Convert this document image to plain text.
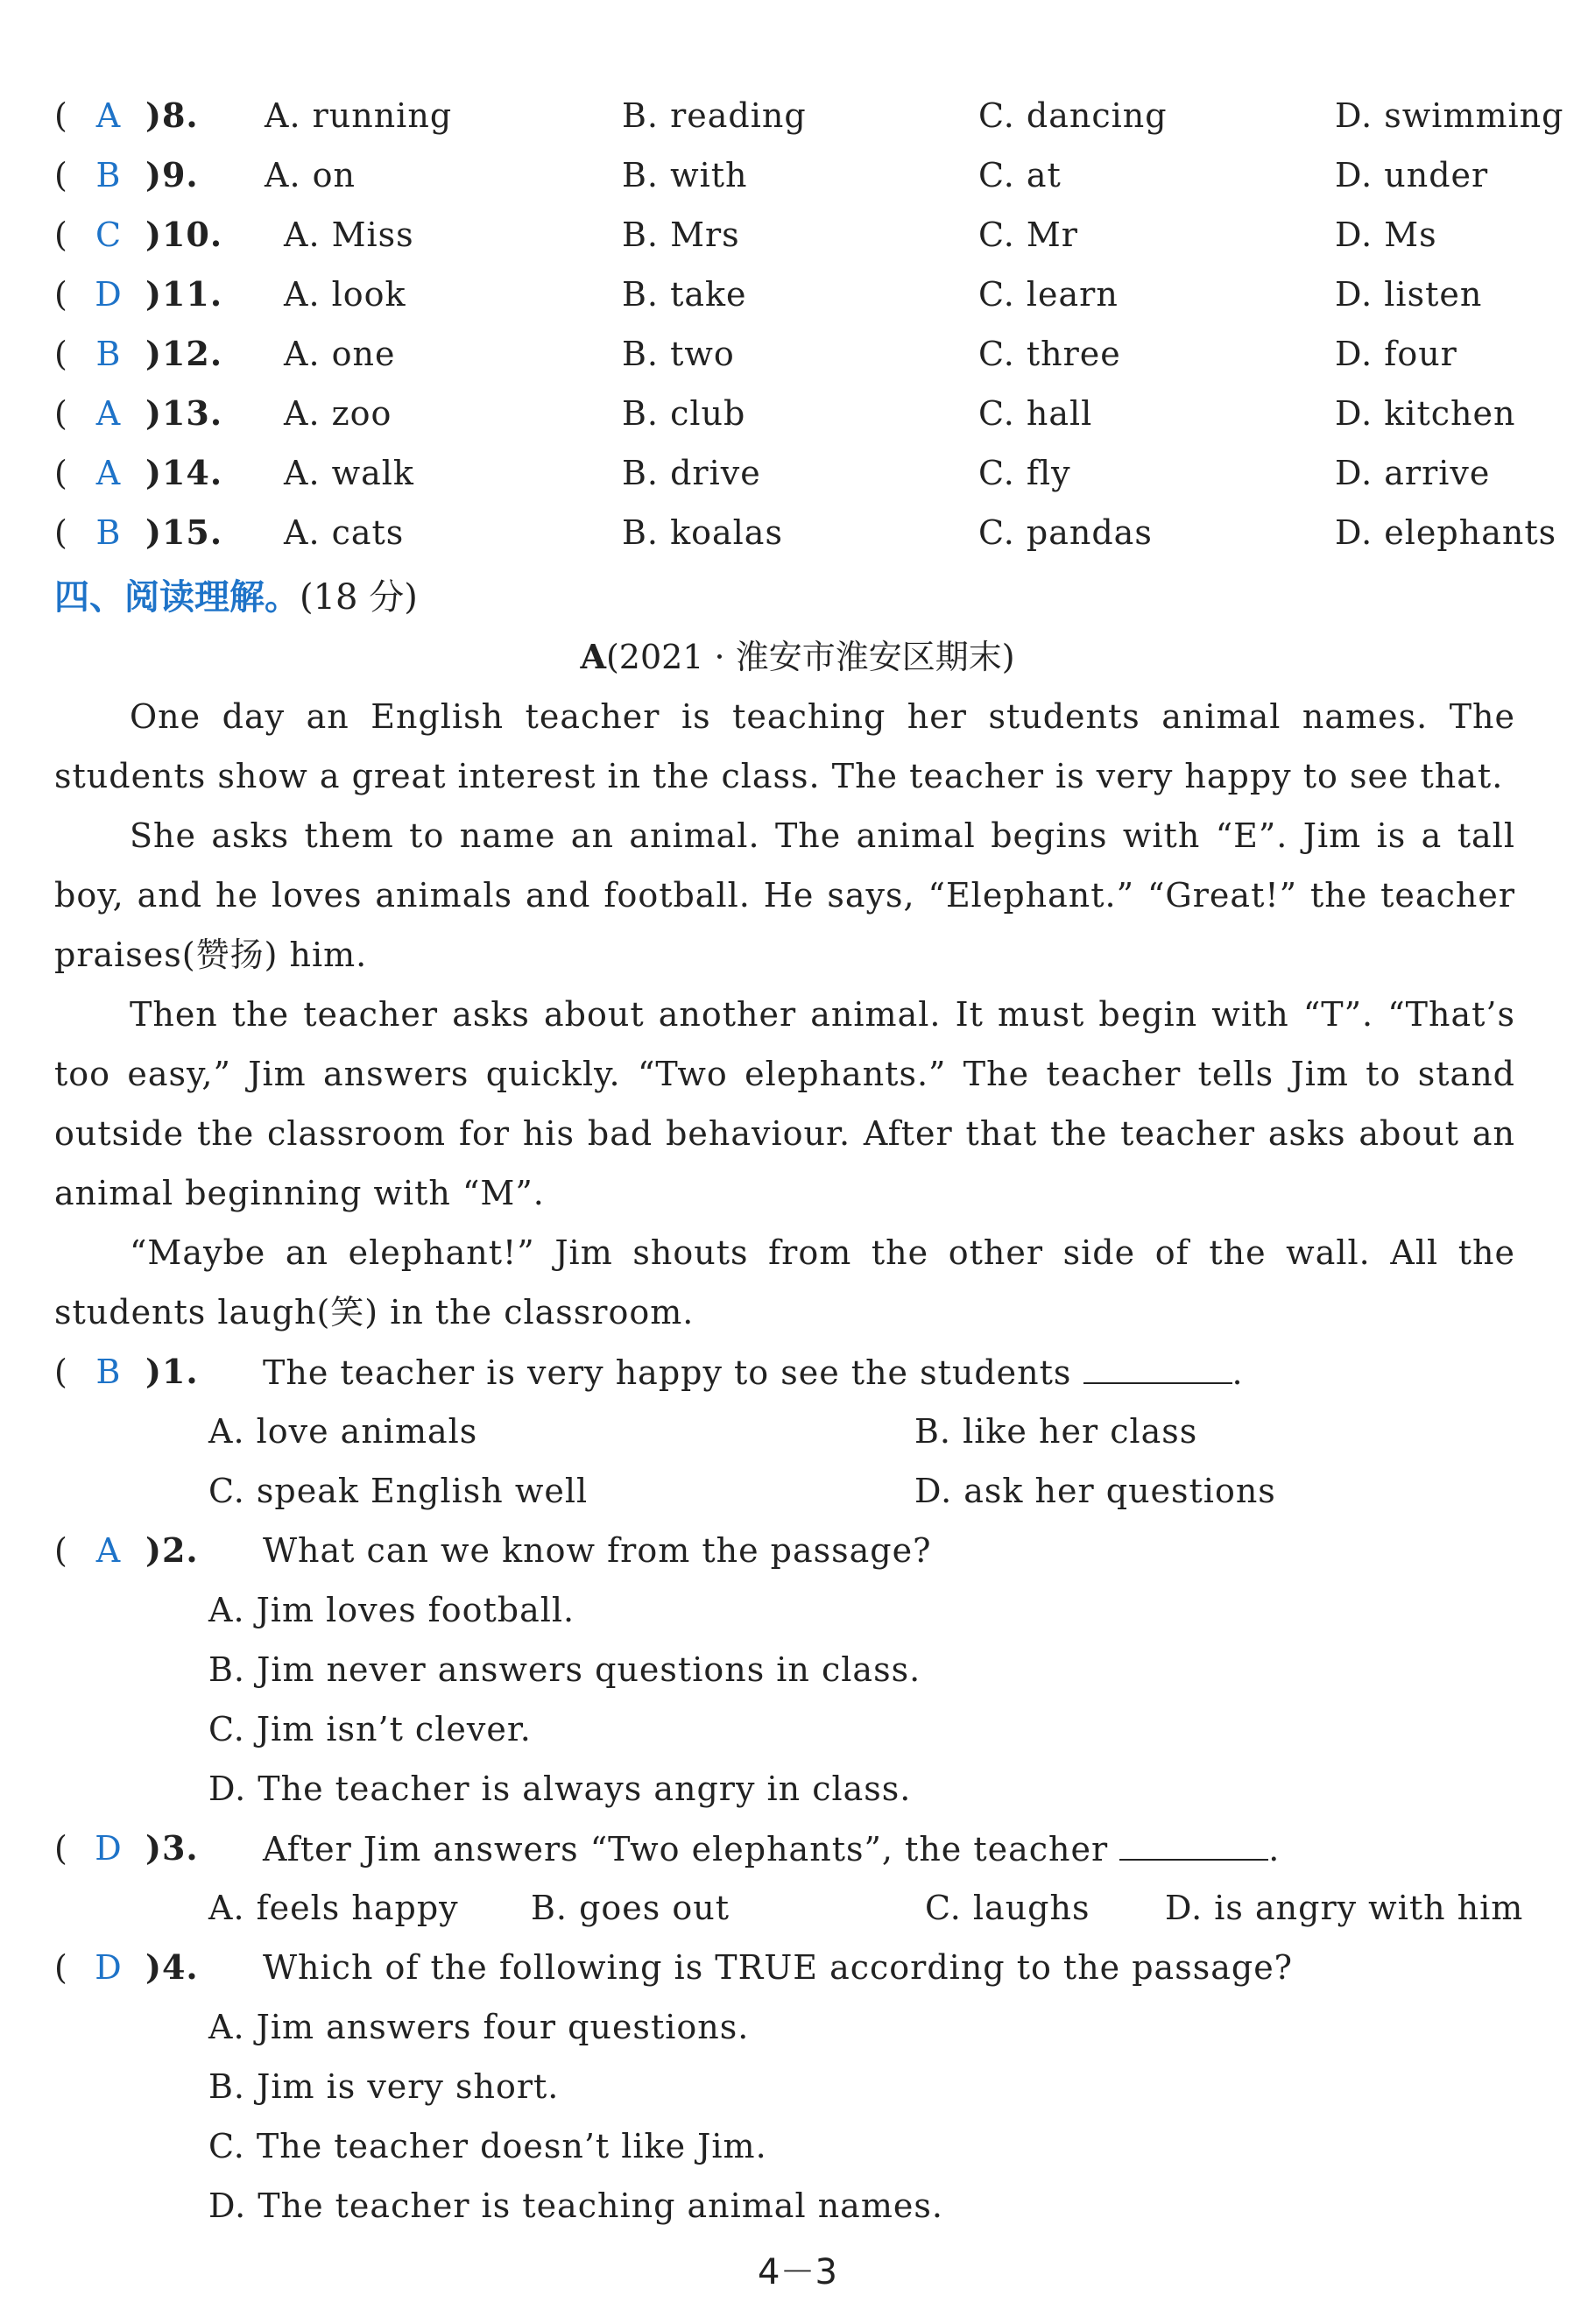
( A )8. A. running	B. reading	C. dancing	D. swimming
( B )9. A. on	B. with	C. at	D. under
( C )10. A. Miss	B. Mrs	C. Mr	D. Ms
( D )11. A. look	B. take	C. learn	D. listen
( B )12. A. one	B. two	C. three	D. four
( A )13. A. zoo	B. club	C. hall	D. kitchen
( A )14. A. walk	B. drive	C. fly	D. arrive
( B )15. A. cats	B. koalas	C. pandas	D. elephants
四、阅读理解。(18 分)
A(2021 · 淮安市淮安区期末)
One day an English teacher is teaching her students animal names. The students show a great interest in the class. The teacher is very happy to see that.
She asks them to name an animal. The animal begins with “E”. Jim is a tall boy, and he loves animals and football. He says, “Elephant.” “Great!” the teacher praises(赞扬) him.
Then the teacher asks about another animal. It must begin with “T”. “That’s too easy,” Jim answers quickly. “Two elephants.” The teacher tells Jim to stand outside the classroom for his bad behaviour. After that the teacher asks about an animal beginning with “M”.
“Maybe an elephant!” Jim shouts from the other side of the wall. All the students laugh(笑) in the classroom.
( B )1. The teacher is very happy to see the students	.
A. love animals	B. like her class
C. speak English well	D. ask her questions
( A )2. What can we know from the passage?
A. Jim loves football.
B. Jim never answers questions in class.
C. Jim isn’t clever.
D. The teacher is always angry in class.
( D )3. After Jim answers “Two elephants”, the teacher	.
A. feels happy B. goes out	C. laughs D. is angry with him
( D )4. Which of the following is TRUE according to the passage?
A. Jim answers four questions.
B. Jim is very short.
C. The teacher doesn’t like Jim.
D. The teacher is teaching animal names.
4－3
